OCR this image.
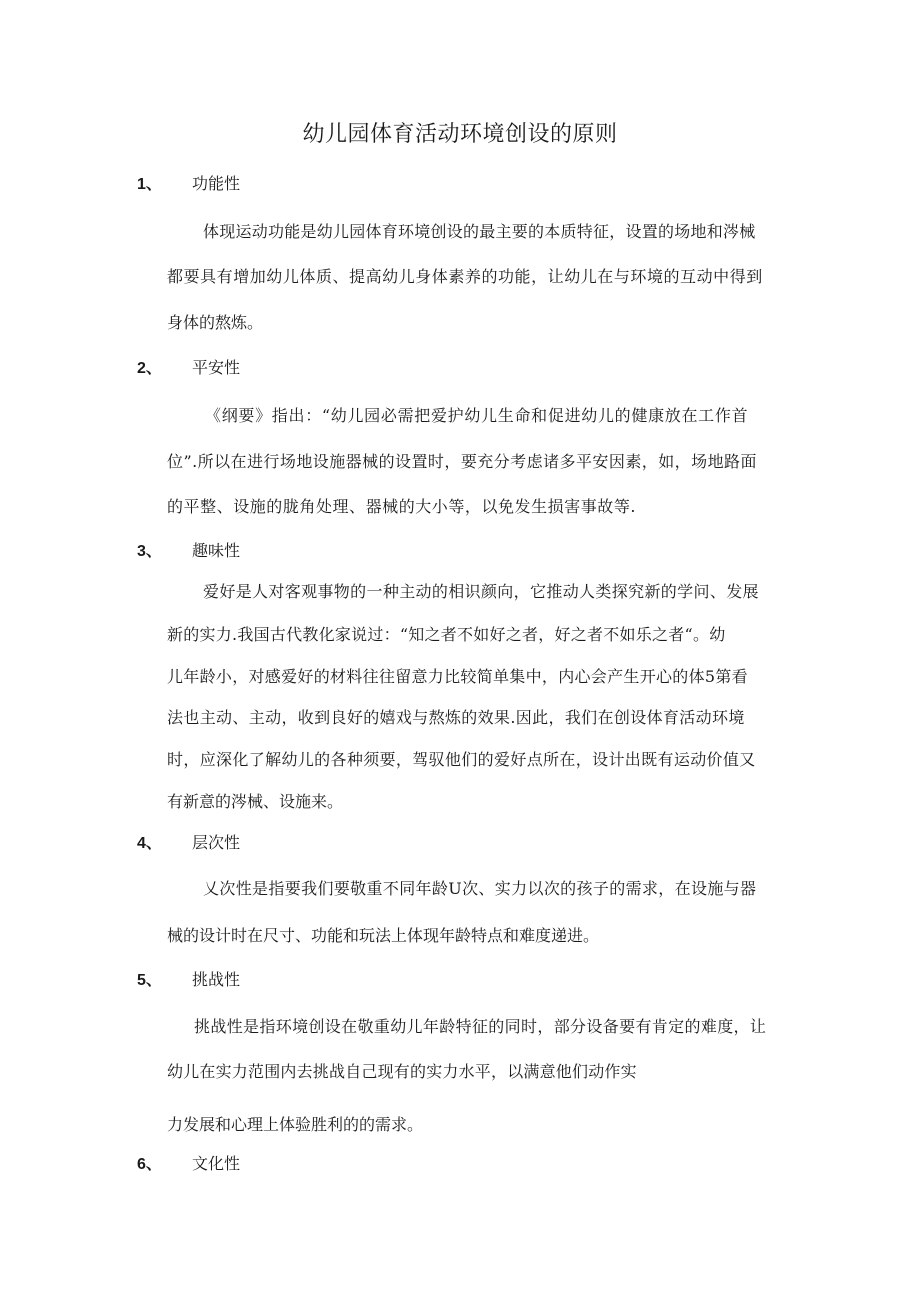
幼儿园体育活动环境创设的原则
1、 功能性
体现运动功能是幼儿园体育环境创设的最主要的本质特征，设置的场地和涔械
都要具有增加幼儿体质、提高幼儿身体素养的功能，让幼儿在与环境的互动中得到
身体的熬炼。
2、 平安性
《纲要》指出：“幼儿园必需把爱护幼儿生命和促进幼儿的健康放在工作首
位”.所以在进行场地设施器械的设置时，要充分考虑诸多平安因素，如，场地路面
的平整、设施的胧角处理、器械的大小等，以免发生损害事故等.
3、 趣味性
爱好是人对客观事物的一种主动的相识颜向，它推动人类探究新的学问、发展
新的实力.我国古代教化家说过：“知之者不如好之者，好之者不如乐之者“。幼
儿年龄小，对感爱好的材料往往留意力比较简单集中，内心会产生开心的体5第看
法也主动、主动，收到良好的嬉戏与熬炼的效果.因此，我们在创设体育活动环境
时，应深化了解幼儿的各种须要，驾驭他们的爱好点所在，设计出既有运动价值又
有新意的涔械、设施来。
4、 层次性
乂次性是指要我们要敬重不同年龄U次、实力以次的孩子的需求，在设施与器
械的设计时在尺寸、功能和玩法上体现年龄特点和难度递进。
5、 挑战性
挑战性是指环境创设在敬重幼儿年龄特征的同时，部分设备要有肯定的难度，让
幼儿在实力范围内去挑战自己现有的实力水平，以满意他们动作实
力发展和心理上体验胜利的的需求。
6、 文化性
